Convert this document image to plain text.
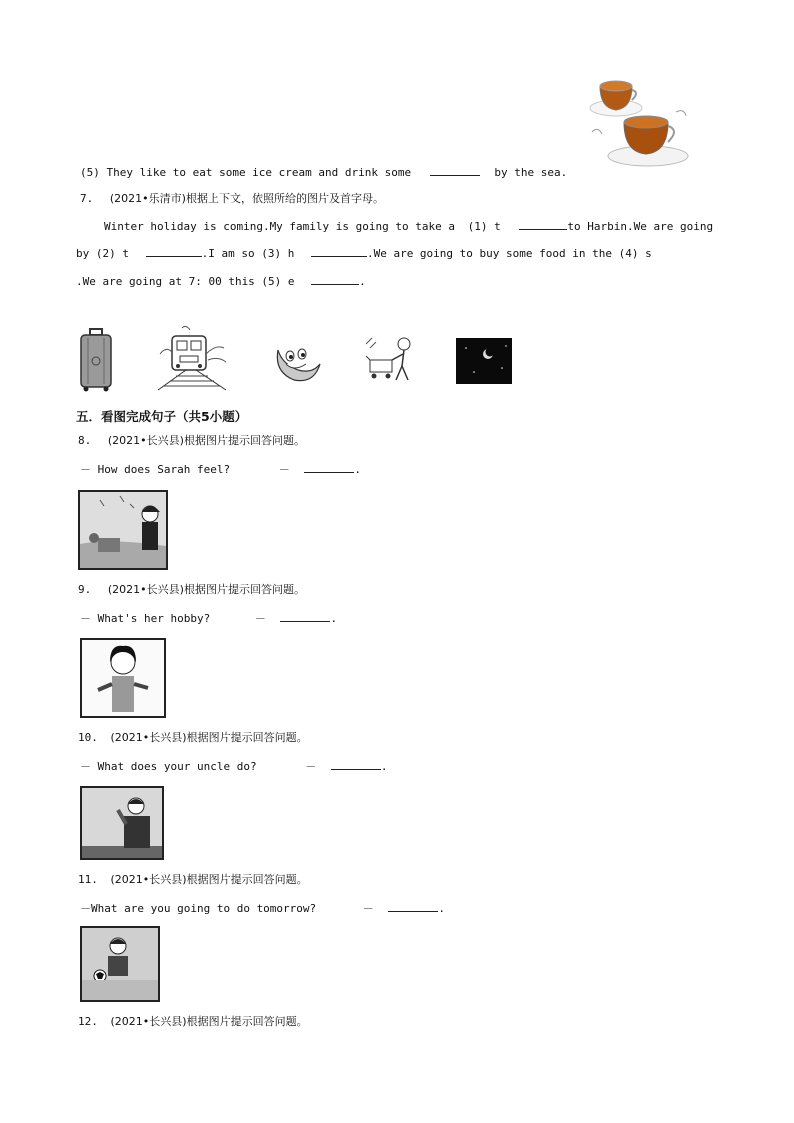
(5) They like to eat some ice cream and drink some	by the sea.
7. (2021•乐清市)根据上下文，依照所给的图片及首字母。
Winter holiday is coming.My family is going to take a (1) t	to Harbin.We are going
by (2) t	.I am so (3) h	.We are going to buy some food in the (4) s
.We are going at 7: 00 this (5) e	.
五．看图完成句子（共5小题）
8. (2021•长兴县)根据图片提示回答问题。
－ How does Sarah feel?	－	.
9. (2021•长兴县)根据图片提示回答问题。
－ What's her hobby?	－	.
10. (2021•长兴县)根据图片提示回答问题。
－ What does your uncle do?	－	.
11. (2021•长兴县)根据图片提示回答问题。
－What are you going to do tomorrow?	－	.
12. (2021•长兴县)根据图片提示回答问题。
